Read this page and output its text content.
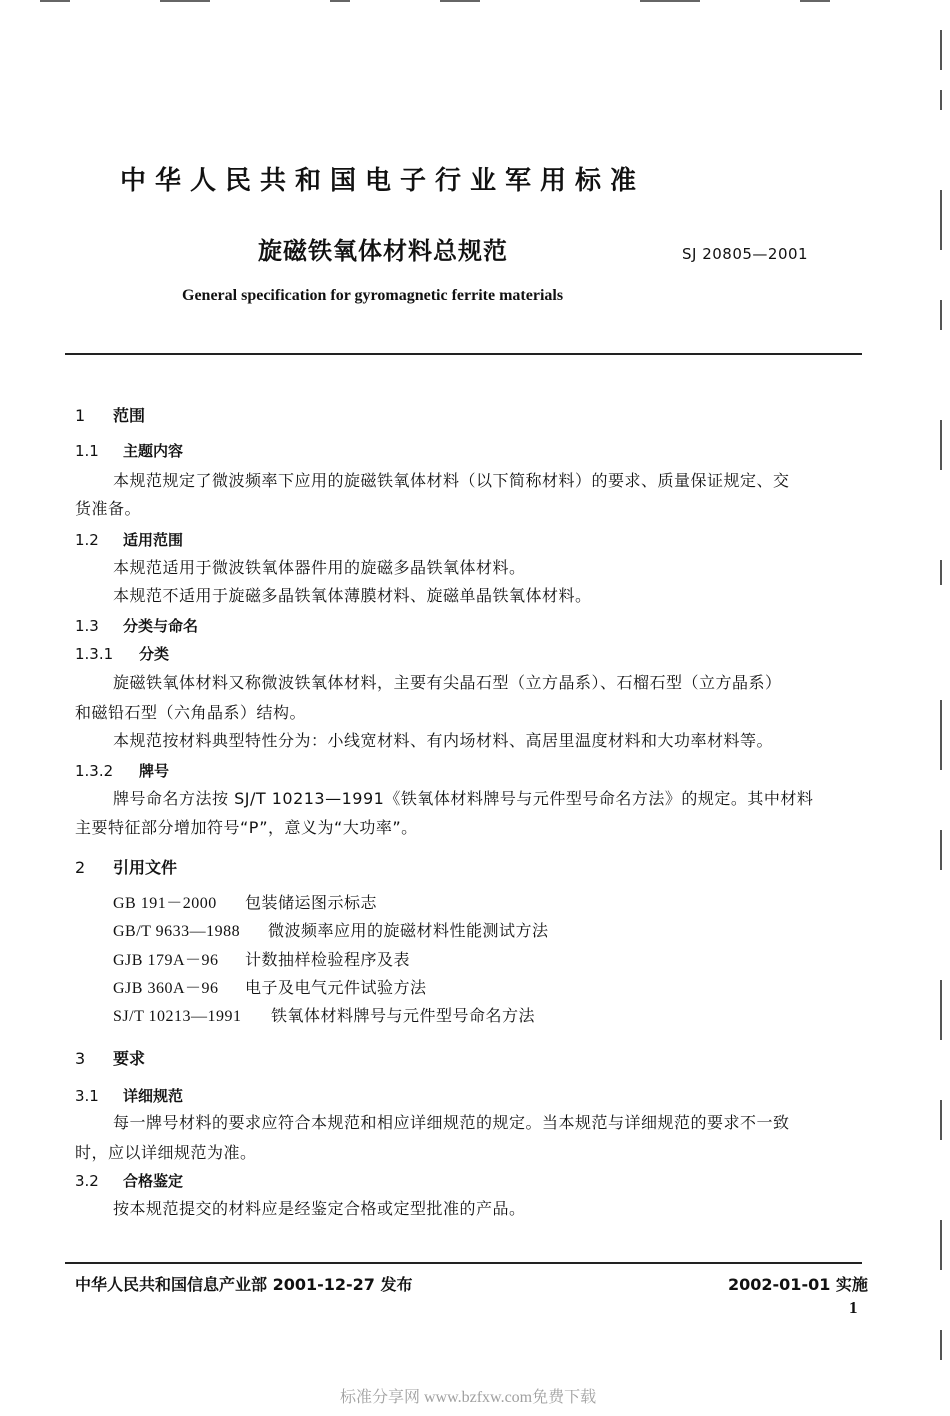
中华人民共和国电子行业军用标准
旋磁铁氧体材料总规范	SJ 20805—2001
General specification for gyromagnetic ferrite materials
1 范围
1.1 主题内容
本规范规定了微波频率下应用的旋磁铁氧体材料（以下简称材料）的要求、质量保证规定、交
货准备。
1.2 适用范围
本规范适用于微波铁氧体器件用的旋磁多晶铁氧体材料。
本规范不适用于旋磁多晶铁氧体薄膜材料、旋磁单晶铁氧体材料。
1.3 分类与命名
1.3.1 分类
旋磁铁氧体材料又称微波铁氧体材料，主要有尖晶石型（立方晶系）、石榴石型（立方晶系）
和磁铅石型（六角晶系）结构。
本规范按材料典型特性分为：小线宽材料、有内场材料、高居里温度材料和大功率材料等。
1.3.2 牌号
牌号命名方法按 SJ/T 10213—1991《铁氧体材料牌号与元件型号命名方法》的规定。其中材料
主要特征部分增加符号“P”，意义为“大功率”。
2 引用文件
GB 191－2000 包装储运图示标志
GB/T 9633—1988 微波频率应用的旋磁材料性能测试方法
GJB 179A－96 计数抽样检验程序及表
GJB 360A－96 电子及电气元件试验方法
SJ/T 10213—1991 铁氧体材料牌号与元件型号命名方法
3 要求
3.1 详细规范
每一牌号材料的要求应符合本规范和相应详细规范的规定。当本规范与详细规范的要求不一致
时，应以详细规范为准。
3.2 合格鉴定
按本规范提交的材料应是经鉴定合格或定型批准的产品。
中华人民共和国信息产业部 2001-12-27 发布	2002-01-01 实施
1
标准分享网 www.bzfxw.com免费下载
